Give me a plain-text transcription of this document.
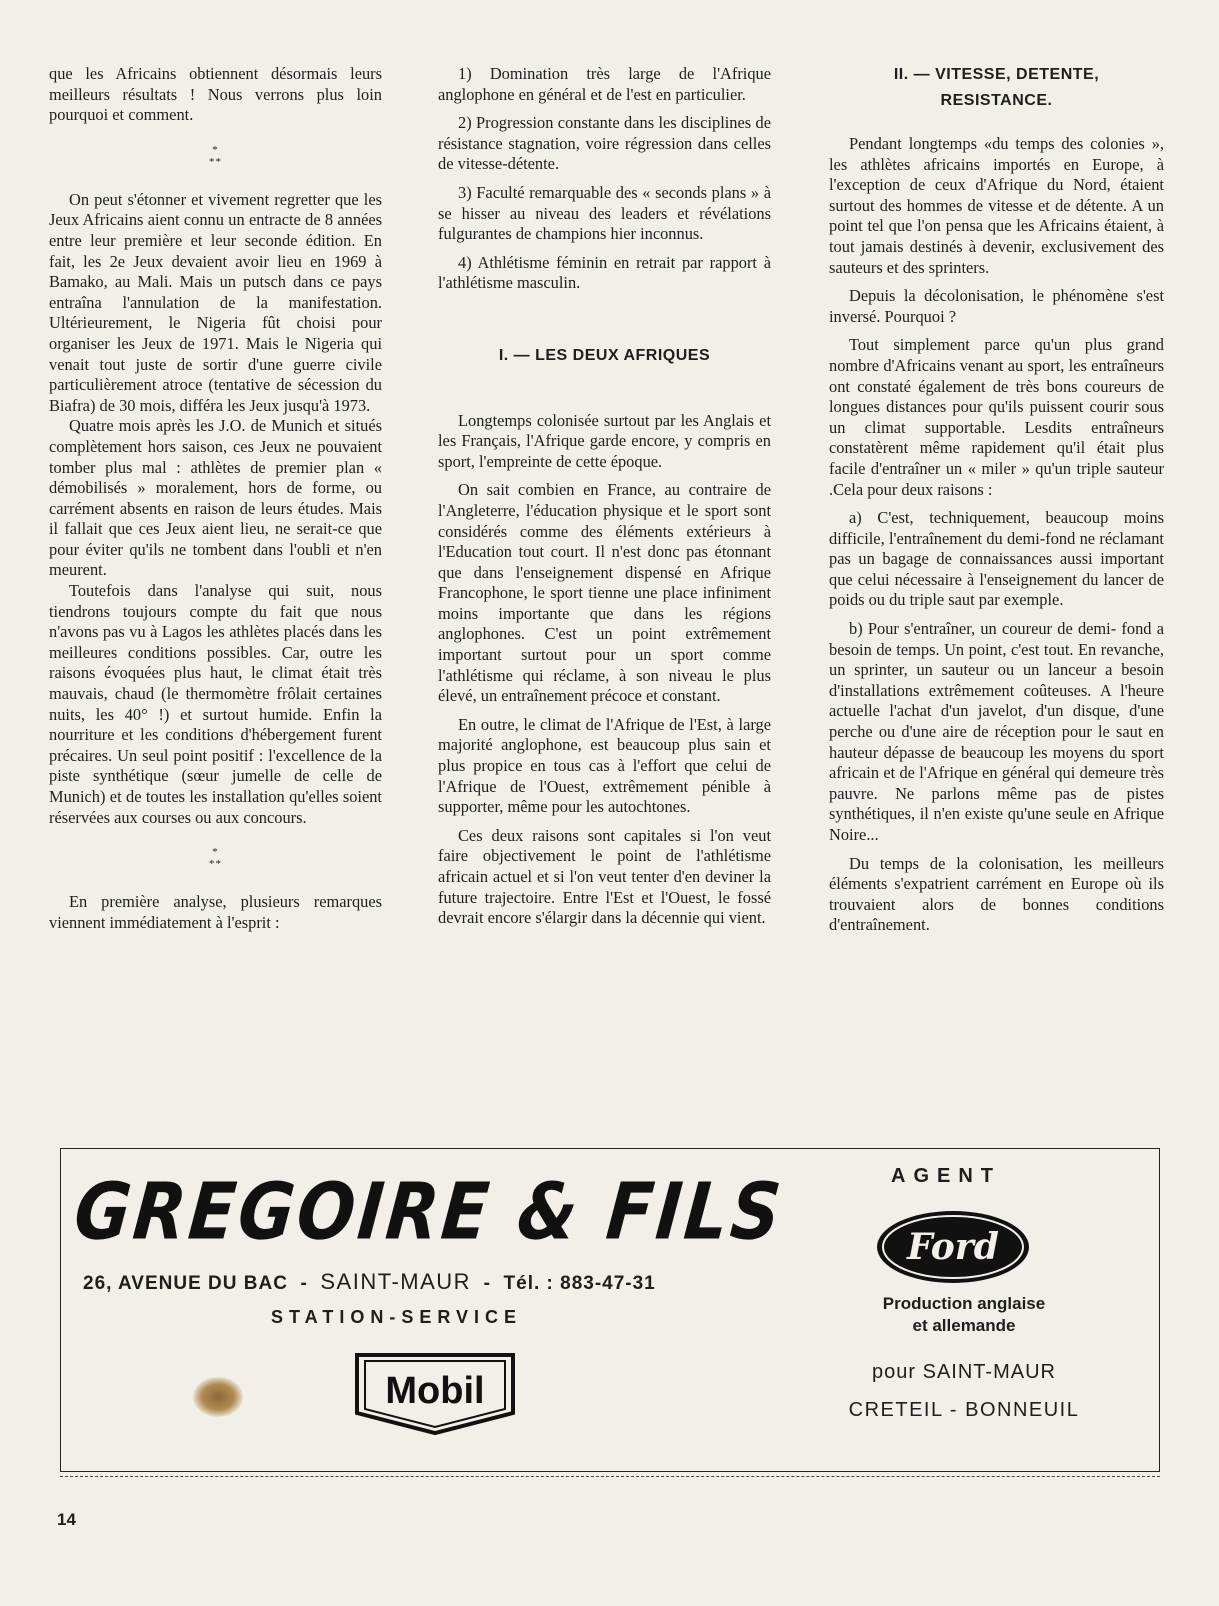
que les Africains obtiennent désormais leurs meilleurs résultats ! Nous verrons plus loin pourquoi et comment.

*
**

On peut s'étonner et vivement regretter que les Jeux Africains aient connu un entracte de 8 années entre leur première et leur seconde édition. En fait, les 2e Jeux devaient avoir lieu en 1969 à Bamako, au Mali. Mais un putsch dans ce pays entraîna l'annulation de la manifestation. Ultérieurement, le Nigeria fût choisi pour organiser les Jeux de 1971. Mais le Nigeria qui venait tout juste de sortir d'une guerre civile particulièrement atroce (tentative de sécession du Biafra) de 30 mois, différa les Jeux jusqu'à 1973.

Quatre mois après les J.O. de Munich et situés complètement hors saison, ces Jeux ne pouvaient tomber plus mal : athlètes de premier plan « démobilisés » moralement, hors de forme, ou carrément absents en raison de leurs études. Mais il fallait que ces Jeux aient lieu, ne serait-ce que pour éviter qu'ils ne tombent dans l'oubli et n'en meurent.

Toutefois dans l'analyse qui suit, nous tiendrons toujours compte du fait que nous n'avons pas vu à Lagos les athlètes placés dans les meilleures conditions possibles. Car, outre les raisons évoquées plus haut, le climat était très mauvais, chaud (le thermomètre frôlait certaines nuits, les 40° !) et surtout humide. Enfin la nourriture et les conditions d'hébergement furent précaires. Un seul point positif : l'excellence de la piste synthétique (sœur jumelle de celle de Munich) et de toutes les installation qu'elles soient réservées aux courses ou aux concours.

*
**

En première analyse, plusieurs remarques viennent immédiatement à l'esprit :

1) Domination très large de l'Afrique anglophone en général et de l'est en particulier.

2) Progression constante dans les disciplines de résistance stagnation, voire régression dans celles de vitesse-détente.

3) Faculté remarquable des « seconds plans » à se hisser au niveau des leaders et révélations fulgurantes de champions hier inconnus.

4) Athlétisme féminin en retrait par rapport à l'athlétisme masculin.

I. — LES DEUX AFRIQUES

Longtemps colonisée surtout par les Anglais et les Français, l'Afrique garde encore, y compris en sport, l'empreinte de cette époque.

On sait combien en France, au contraire de l'Angleterre, l'éducation physique et le sport sont considérés comme des éléments extérieurs à l'Education tout court. Il n'est donc pas étonnant que dans l'enseignement dispensé en Afrique Francophone, le sport tienne une place infiniment moins importante que dans les régions anglophones. C'est un point extrêmement important surtout pour un sport comme l'athlétisme qui réclame, à son niveau le plus élevé, un entraînement précoce et constant.

En outre, le climat de l'Afrique de l'Est, à large majorité anglophone, est beaucoup plus sain et plus propice en tous cas à l'effort que celui de l'Afrique de l'Ouest, extrêmement pénible à supporter, même pour les autochtones.

Ces deux raisons sont capitales si l'on veut faire objectivement le point de l'athlétisme africain actuel et si l'on veut tenter d'en deviner la future trajectoire. Entre l'Est et l'Ouest, le fossé devrait encore s'élargir dans la décennie qui vient.

II. — VITESSE, DETENTE,
RESISTANCE.

Pendant longtemps «du temps des colonies », les athlètes africains importés en Europe, à l'exception de ceux d'Afrique du Nord, étaient surtout des hommes de vitesse et de détente. A un point tel que l'on pensa que les Africains étaient, à tout jamais destinés à devenir, exclusivement des sauteurs et des sprinters.

Depuis la décolonisation, le phénomène s'est inversé. Pourquoi ?

Tout simplement parce qu'un plus grand nombre d'Africains venant au sport, les entraîneurs ont constaté également de très bons coureurs de longues distances pour qu'ils puissent courir sous un climat supportable. Lesdits entraîneurs constatèrent même rapidement qu'il était plus facile d'entraîner un « miler » qu'un triple sauteur .Cela pour deux raisons :

a) C'est, techniquement, beaucoup moins difficile, l'entraînement du demi-fond ne réclamant pas un bagage de connaissances aussi important que celui nécessaire à l'enseignement du lancer de poids ou du triple saut par exemple.

b) Pour s'entraîner, un coureur de demi- fond a besoin de temps. Un point, c'est tout. En revanche, un sprinter, un sauteur ou un lanceur a besoin d'installations extrêmement coûteuses. A l'heure actuelle l'achat d'un javelot, d'un disque, d'une perche ou d'une aire de réception pour le saut en hauteur dépasse de beaucoup les moyens du sport africain et de l'Afrique en général qui demeure très pauvre. Ne parlons même pas de pistes synthétiques, il n'en existe qu'une seule en Afrique Noire...

Du temps de la colonisation, les meilleurs éléments s'expatrient carrément en Europe où ils trouvaient alors de bonnes conditions d'entraînement.

GREGOIRE & FILS
26, AVENUE DU BAC - SAINT-MAUR - Tél. : 883-47-31
STATION-SERVICE
Mobil
AGENT
Ford
Production anglaise
et allemande
pour SAINT-MAUR
CRETEIL - BONNEUIL
14
